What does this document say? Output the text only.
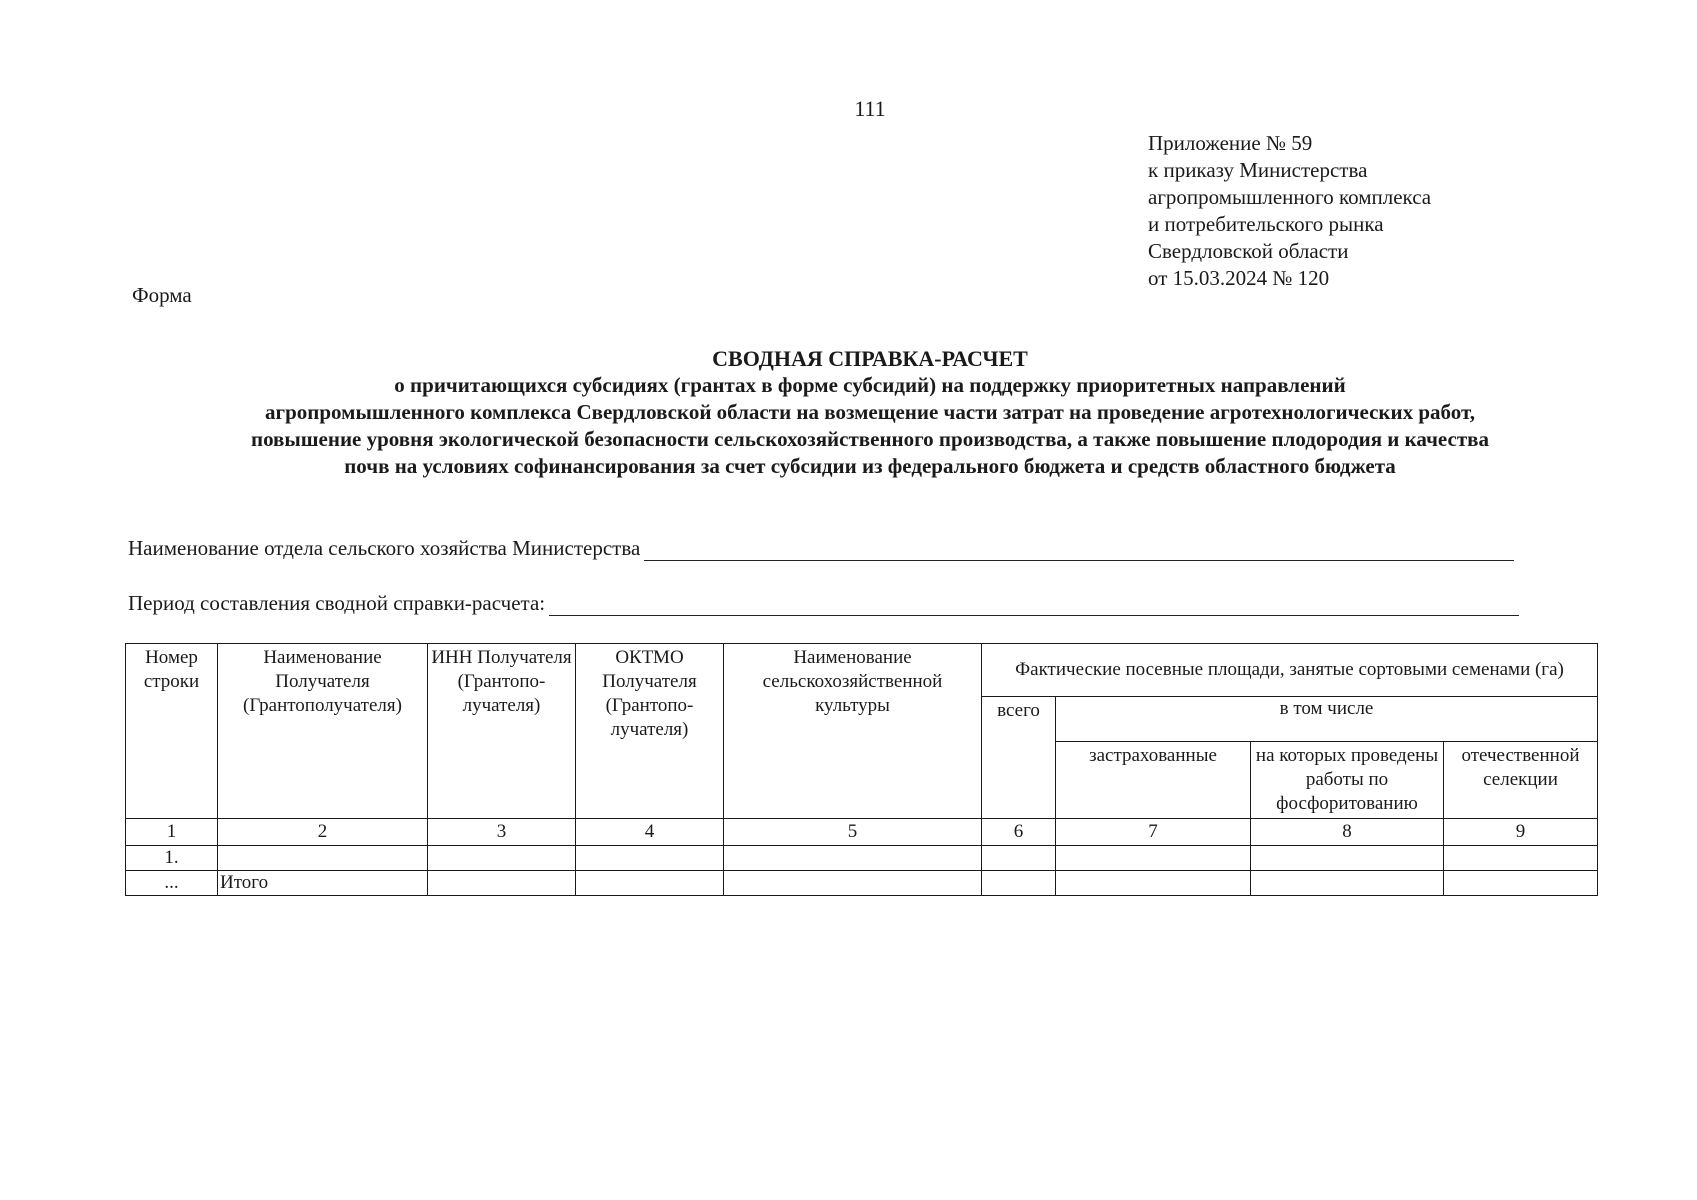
111
Приложение № 59
к приказу Министерства
агропромышленного комплекса
и потребительского рынка
Свердловской области
от 15.03.2024 № 120
Форма
СВОДНАЯ СПРАВКА-РАСЧЕТ
о причитающихся субсидиях (грантах в форме субсидий) на поддержку приоритетных направлений
агропромышленного комплекса Свердловской области на возмещение части затрат на проведение агротехнологических работ,
повышение уровня экологической безопасности сельскохозяйственного производства, а также повышение плодородия и качества
почв на условиях софинансирования за счет субсидии из федерального бюджета и средств областного бюджета
Наименование отдела сельского хозяйства Министерства
Период составления сводной справки-расчета:
Номер строки	Наименование Получателя (Грантополучателя)	ИНН Получателя (Грантопо-лучателя)	ОКТМО Получателя (Грантопо-лучателя)	Наименование сельскохозяйственной культуры	Фактические посевные площади, занятые сортовыми семенами (га)			
					всего	в том числе		
						застрахованные	на которых проведены работы по фосфоритованию	отечественной селекции
1	2	3	4	5	6	7	8	9
1.								
...	Итого							
